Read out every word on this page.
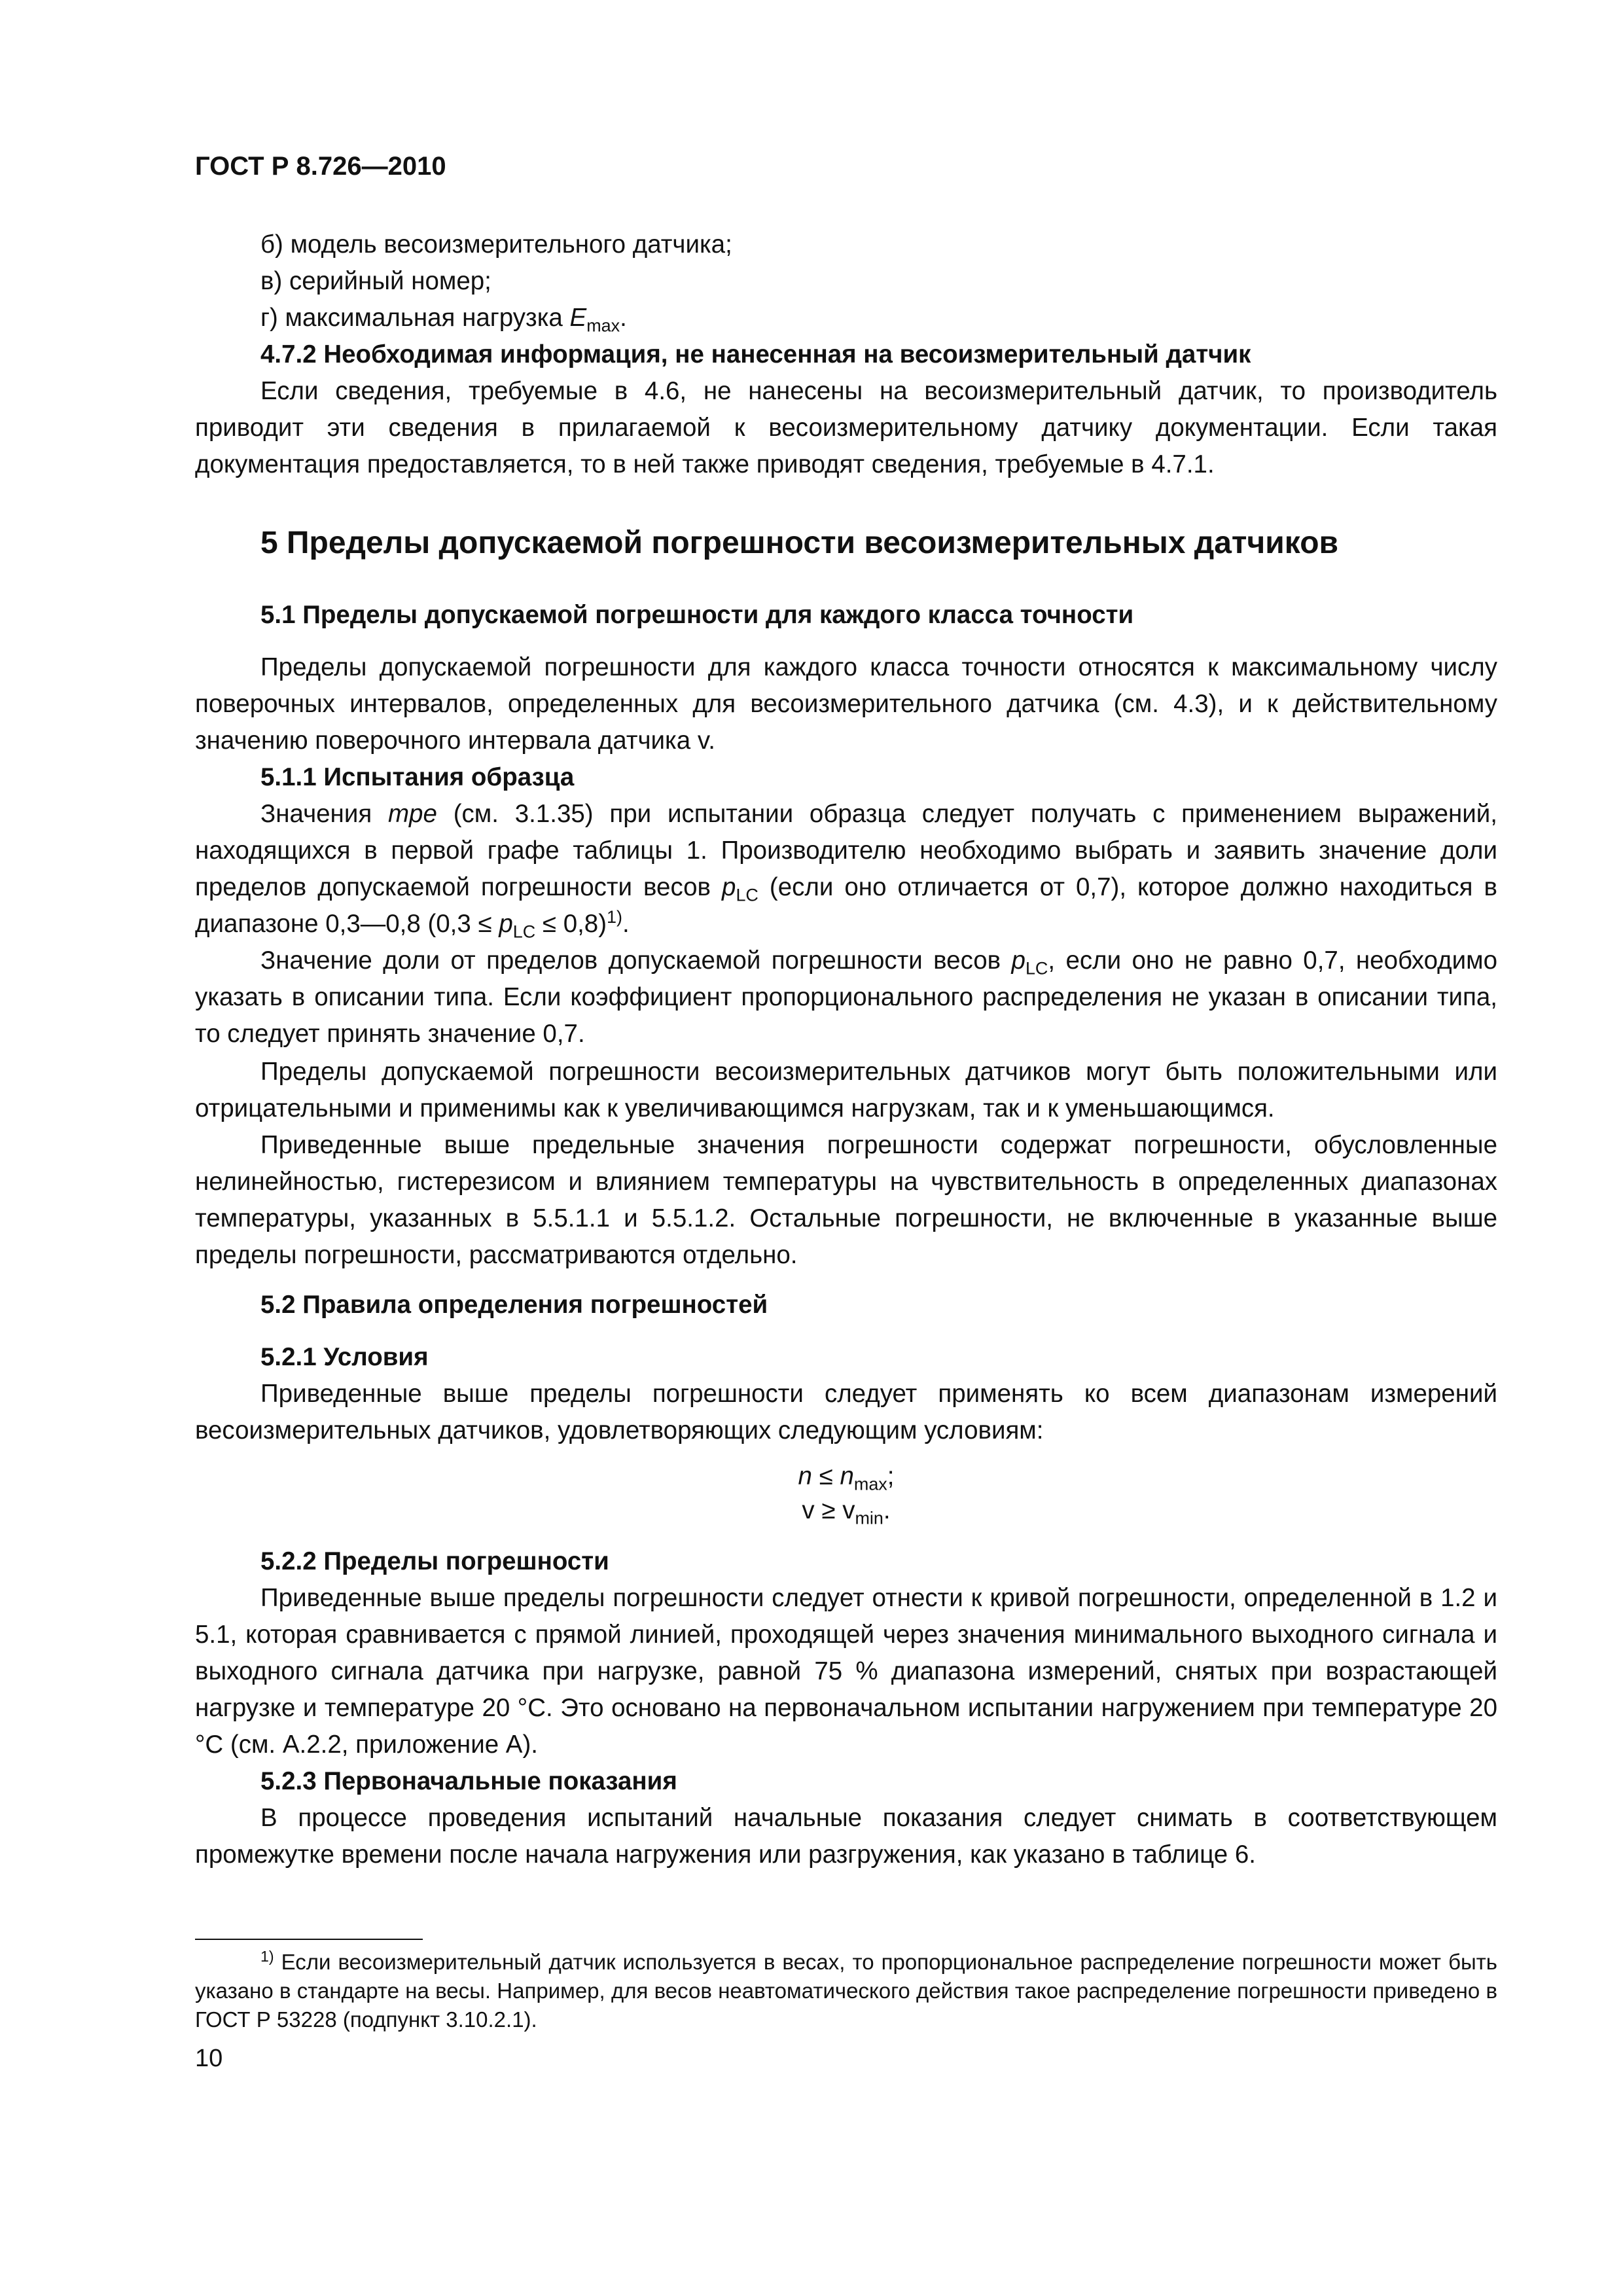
ГОСТ Р 8.726—2010
б) модель весоизмерительного датчика;
в) серийный номер;
г) максимальная нагрузка $E_{max}$.
4.7.2 Необходимая информация, не нанесенная на весоизмерительный датчик
Если сведения, требуемые в 4.6, не нанесены на весоизмерительный датчик, то производитель приводит эти сведения в прилагаемой к весоизмерительному датчику документации. Если такая документация предоставляется, то в ней также приводят сведения, требуемые в 4.7.1.
5 Пределы допускаемой погрешности весоизмерительных датчиков
5.1 Пределы допускаемой погрешности для каждого класса точности
Пределы допускаемой погрешности для каждого класса точности относятся к максимальному числу поверочных интервалов, определенных для весоизмерительного датчика (см. 4.3), и к действительному значению поверочного интервала датчика v.
5.1.1 Испытания образца
Значения mpe (см. 3.1.35) при испытании образца следует получать с применением выражений, находящихся в первой графе таблицы 1. Производителю необходимо выбрать и заявить значение доли пределов допускаемой погрешности весов $p_{LC}$ (если оно отличается от 0,7), которое должно находиться в диапазоне 0,3—0,8 $(0,3 \le p_{LC} \le 0,8)^{1)}$.
Значение доли от пределов допускаемой погрешности весов $p_{LC}$, если оно не равно 0,7, необходимо указать в описании типа. Если коэффициент пропорционального распределения не указан в описании типа, то следует принять значение 0,7.
Пределы допускаемой погрешности весоизмерительных датчиков могут быть положительными или отрицательными и применимы как к увеличивающимся нагрузкам, так и к уменьшающимся.
Приведенные выше предельные значения погрешности содержат погрешности, обусловленные нелинейностью, гистерезисом и влиянием температуры на чувствительность в определенных диапазонах температуры, указанных в 5.5.1.1 и 5.5.1.2. Остальные погрешности, не включенные в указанные выше пределы погрешности, рассматриваются отдельно.
5.2 Правила определения погрешностей
5.2.1 Условия
Приведенные выше пределы погрешности следует применять ко всем диапазонам измерений весоизмерительных датчиков, удовлетворяющих следующим условиям:
$n \le n_{max}$;
$v \ge v_{min}$.
5.2.2 Пределы погрешности
Приведенные выше пределы погрешности следует отнести к кривой погрешности, определенной в 1.2 и 5.1, которая сравнивается с прямой линией, проходящей через значения минимального выходного сигнала и выходного сигнала датчика при нагрузке, равной 75 % диапазона измерений, снятых при возрастающей нагрузке и температуре 20 °С. Это основано на первоначальном испытании нагружением при температуре 20 °С (см. А.2.2, приложение А).
5.2.3 Первоначальные показания
В процессе проведения испытаний начальные показания следует снимать в соответствующем промежутке времени после начала нагружения или разгружения, как указано в таблице 6.
$^{1)}$ Если весоизмерительный датчик используется в весах, то пропорциональное распределение погрешности может быть указано в стандарте на весы. Например, для весов неавтоматического действия такое распределение погрешности приведено в ГОСТ Р 53228 (подпункт 3.10.2.1).
10
